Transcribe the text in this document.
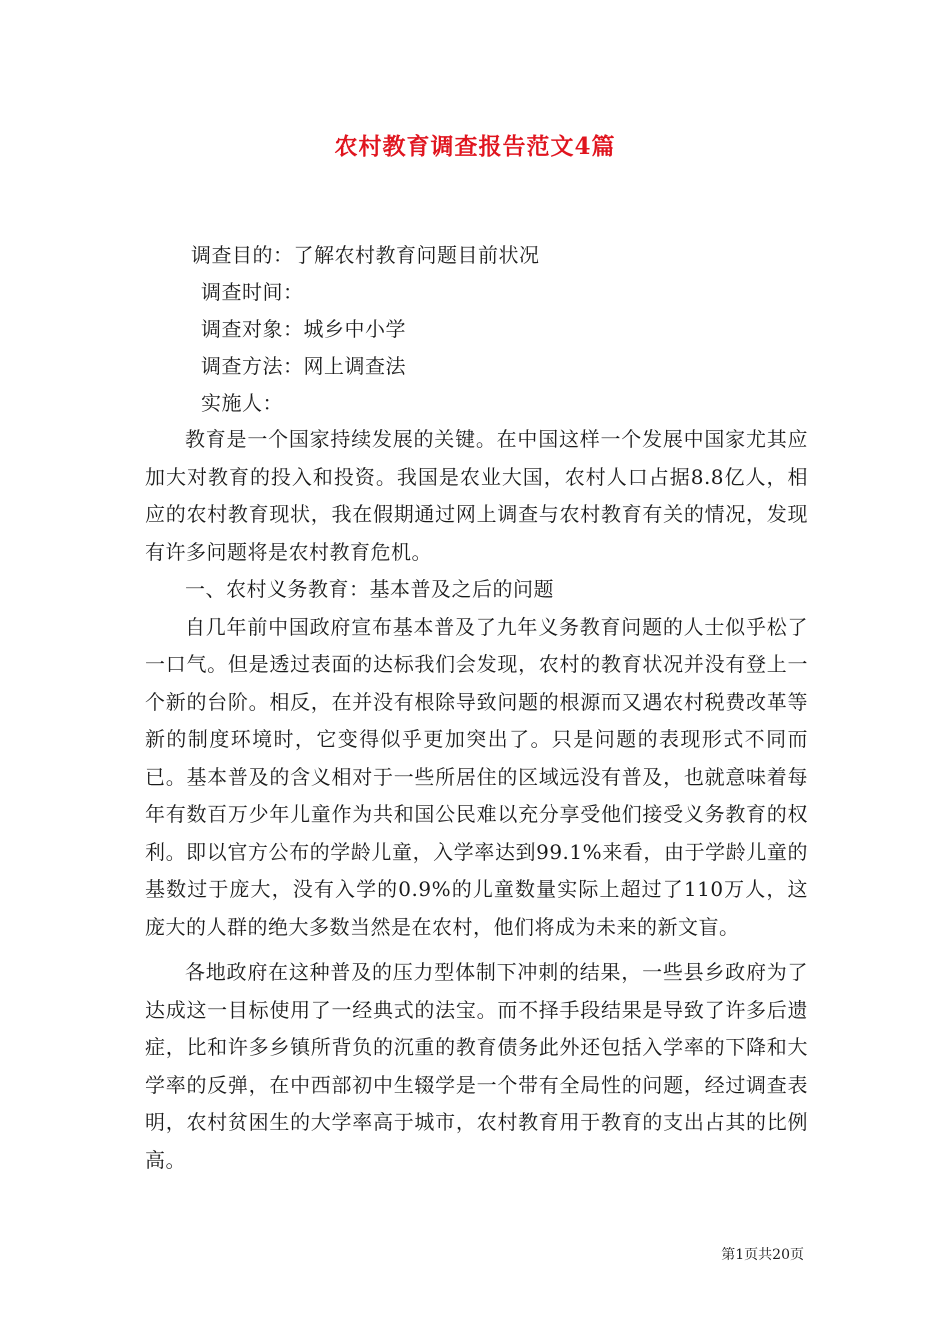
农村教育调查报告范文4篇
调查目的：了解农村教育问题目前状况
调查时间：
调查对象：城乡中小学
调查方法：网上调查法
实施人：

教育是一个国家持续发展的关键。在中国这样一个发展中国家尤其应加大对教育的投入和投资。我国是农业大国，农村人口占据8.8亿人，相应的农村教育现状，我在假期通过网上调查与农村教育有关的情况，发现有许多问题将是农村教育危机。

一、农村义务教育：基本普及之后的问题

自几年前中国政府宣布基本普及了九年义务教育问题的人士似乎松了一口气。但是透过表面的达标我们会发现，农村的教育状况并没有登上一个新的台阶。相反，在并没有根除导致问题的根源而又遇农村税费改革等新的制度环境时，它变得似乎更加突出了。只是问题的表现形式不同而已。基本普及的含义相对于一些所居住的区域远没有普及，也就意味着每年有数百万少年儿童作为共和国公民难以充分享受他们接受义务教育的权利。即以官方公布的学龄儿童，入学率达到99.1%来看，由于学龄儿童的基数过于庞大，没有入学的0.9%的儿童数量实际上超过了110万人，这庞大的人群的绝大多数当然是在农村，他们将成为未来的新文盲。

各地政府在这种普及的压力型体制下冲刺的结果，一些县乡政府为了达成这一目标使用了一经典式的法宝。而不择手段结果是导致了许多后遗症，比和许多乡镇所背负的沉重的教育债务此外还包括入学率的下降和大学率的反弹，在中西部初中生辍学是一个带有全局性的问题，经过调查表明，农村贫困生的大学率高于城市，农村教育用于教育的支出占其的比例高。

第1页共20页
